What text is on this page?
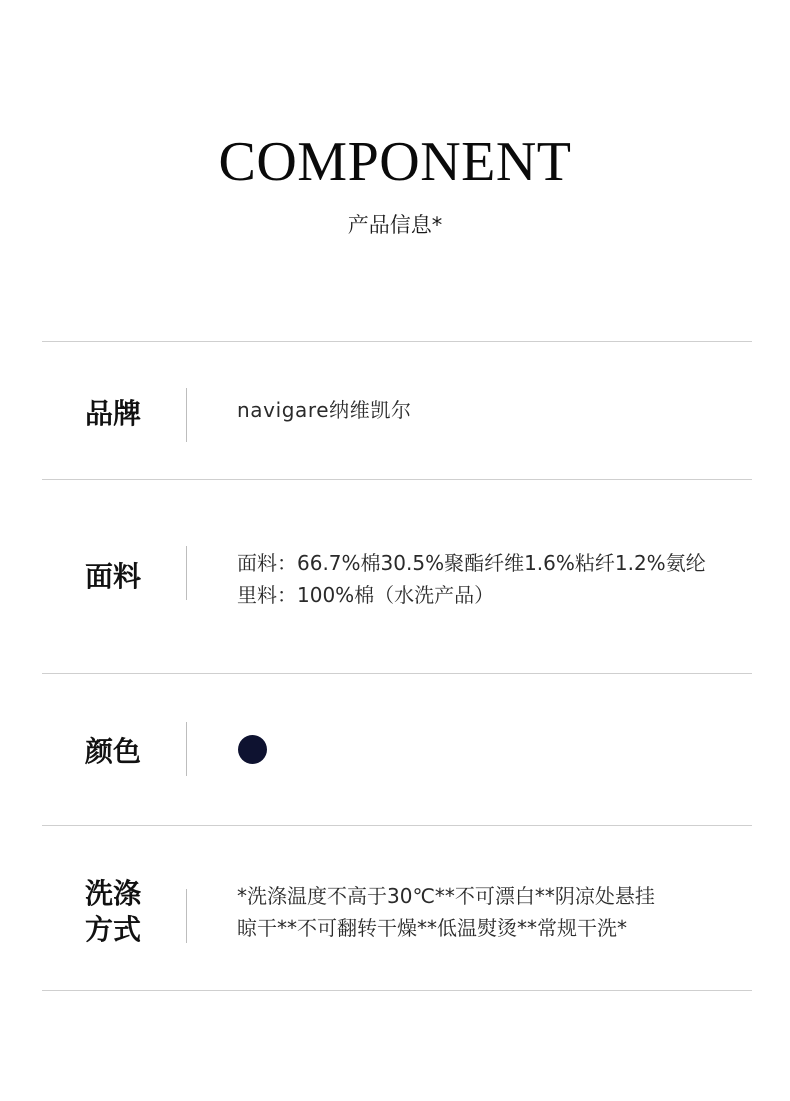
COMPONENT
产品信息*
品牌	navigare纳维凯尔
面料	面料：66.7%棉30.5%聚酯纤维1.6%粘纤1.2%氨纶
里料：100%棉（水洗产品）
颜色
洗涤
方式
*洗涤温度不高于30℃**不可漂白**阴凉处悬挂
晾干**不可翻转干燥**低温熨烫**常规干洗*
